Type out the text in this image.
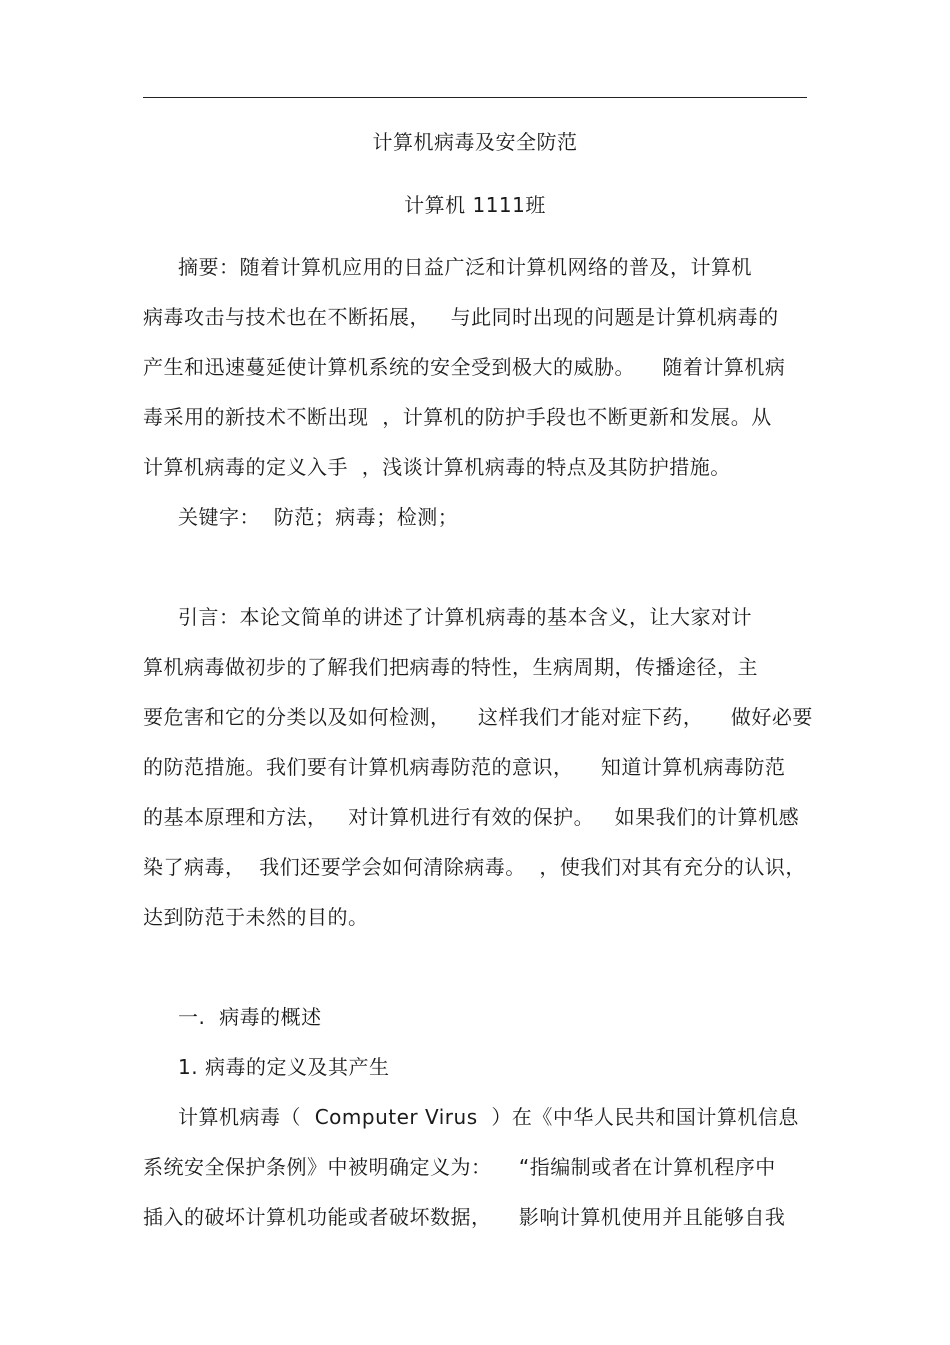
计算机病毒及安全防范
计算机 1111班
摘要：随着计算机应用的日益广泛和计算机网络的普及，计算机
病毒攻击与技术也在不断拓展，   与此同时出现的问题是计算机病毒的
产生和迅速蔓延使计算机系统的安全受到极大的威胁。    随着计算机病
毒采用的新技术不断出现  ，计算机的防护手段也不断更新和发展。从
计算机病毒的定义入手  ，浅谈计算机病毒的特点及其防护措施。
关键字：  防范；病毒；检测；
引言：本论文简单的讲述了计算机病毒的基本含义，让大家对计
算机病毒做初步的了解我们把病毒的特性，生病周期，传播途径，主
要危害和它的分类以及如何检测，    这样我们才能对症下药，    做好必要
的防范措施。我们要有计算机病毒防范的意识，    知道计算机病毒防范
的基本原理和方法，   对计算机进行有效的保护。   如果我们的计算机感
染了病毒，  我们还要学会如何清除病毒。  ，使我们对其有充分的认识，
达到防范于未然的目的。
一.  病毒的概述
1. 病毒的定义及其产生
计算机病毒（  Computer Virus  ）在《中华人民共和国计算机信息
系统安全保护条例》中被明确定义为：    “指编制或者在计算机程序中
插入的破坏计算机功能或者破坏数据，    影响计算机使用并且能够自我
